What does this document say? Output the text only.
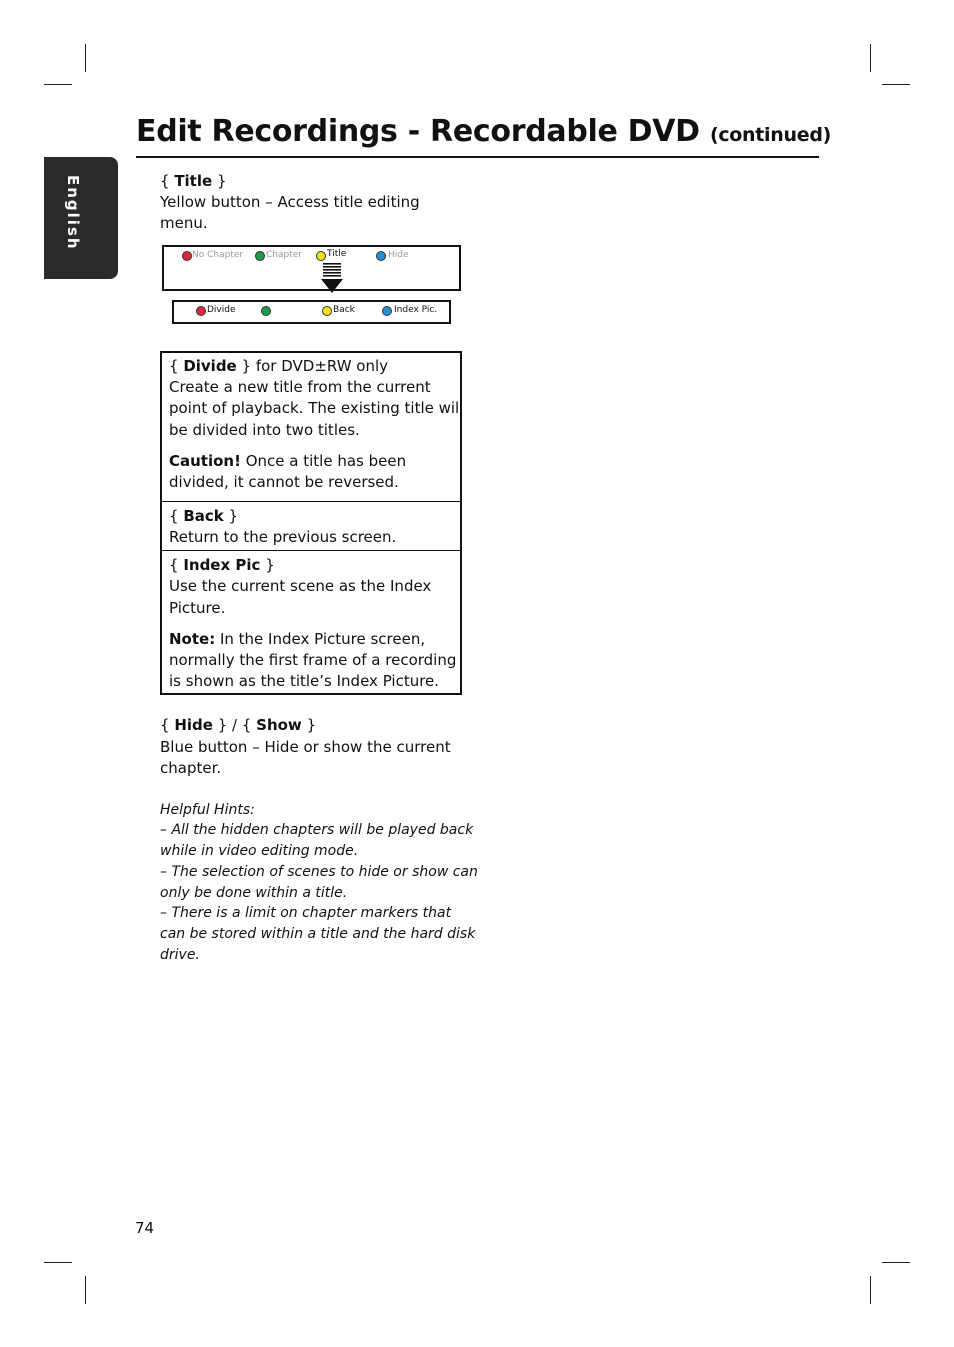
English
Edit Recordings - Recordable DVD (continued)
{ Title }
Yellow button – Access title editing
menu.
No Chapter	Chapter	Title	Hide
Divide	Back	Index Pic.
{ Divide } for DVD±RW only
Create a new title from the current
point of playback. The existing title will
be divided into two titles.
Caution! Once a title has been
divided, it cannot be reversed.
{ Back }
Return to the previous screen.
{ Index Pic }
Use the current scene as the Index
Picture.
Note: In the Index Picture screen,
normally the first frame of a recording
is shown as the title’s Index Picture.
{ Hide } / { Show }
Blue button – Hide or show the current
chapter.
Helpful Hints:
– All the hidden chapters will be played back
while in video editing mode.
– The selection of scenes to hide or show can
only be done within a title.
– There is a limit on chapter markers that
can be stored within a title and the hard disk
drive.
74
